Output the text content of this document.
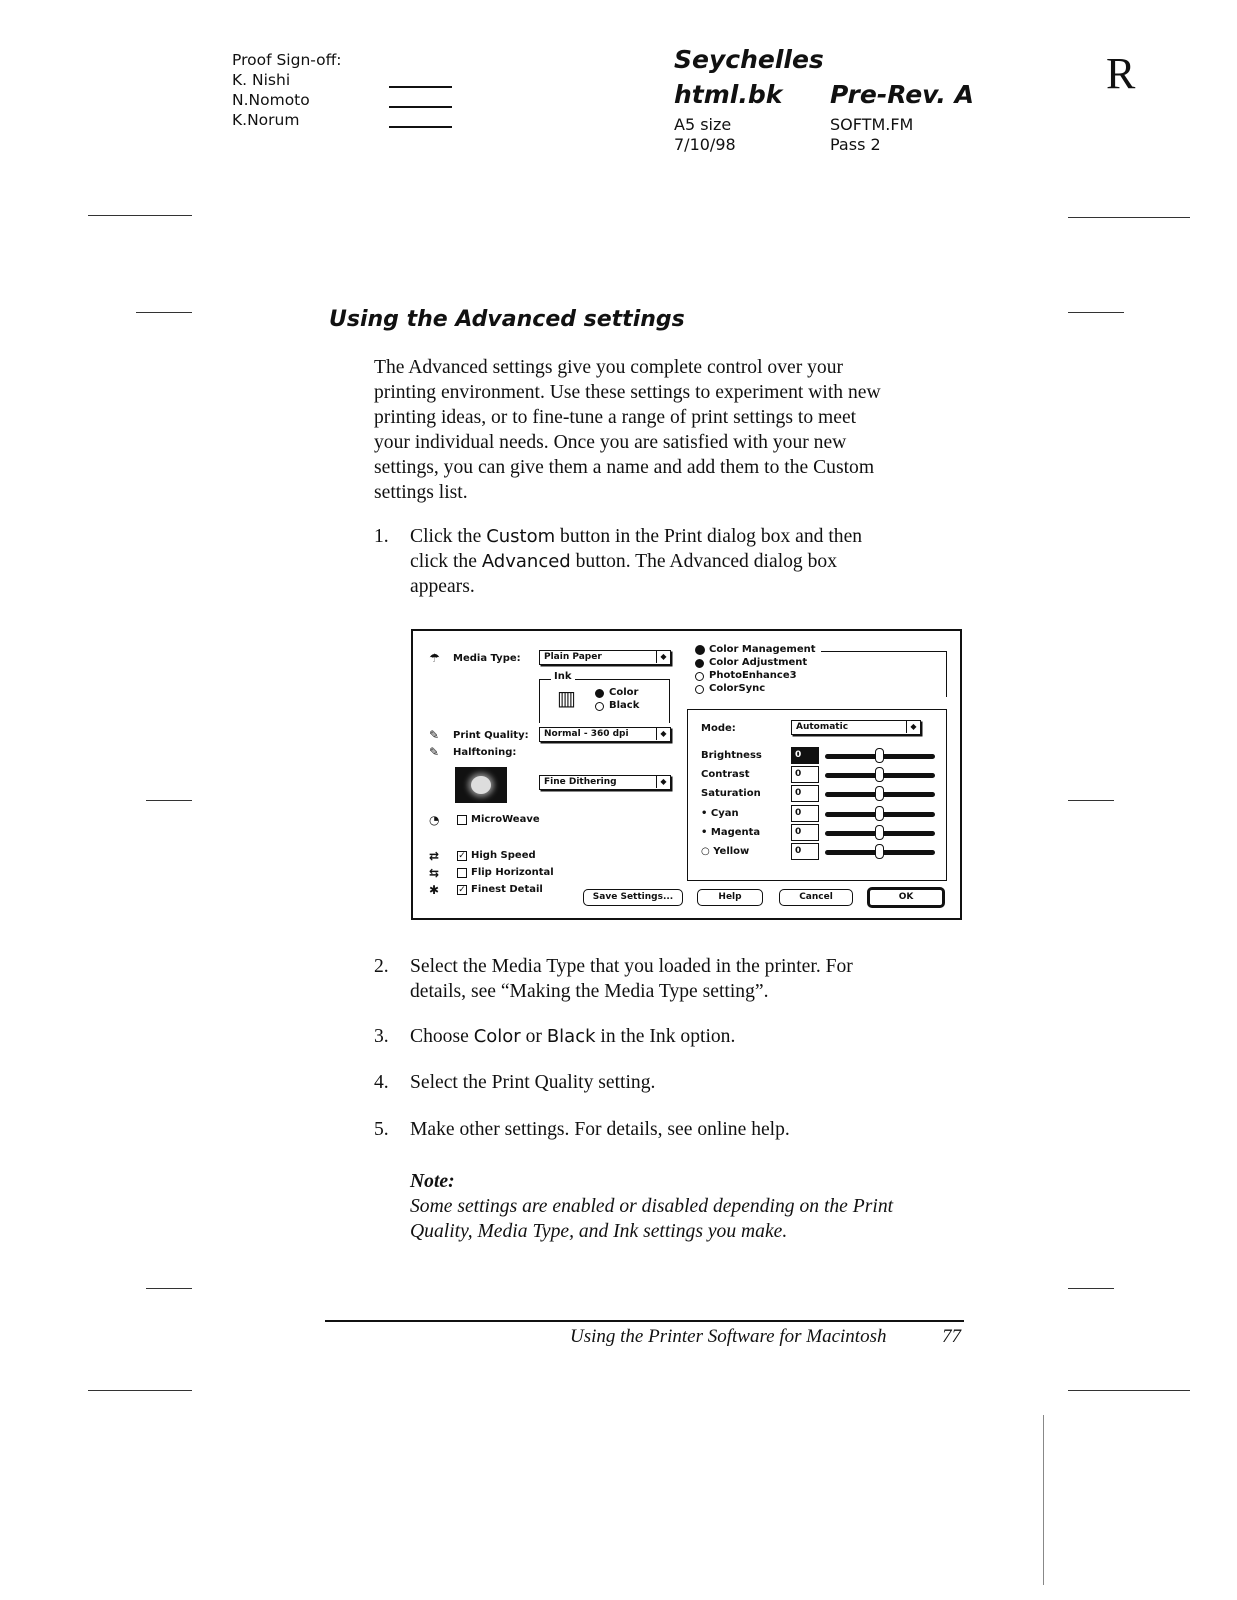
Proof Sign-off:
K. Nishi
N.Nomoto
K.Norum
Seychelles
html.bk Pre-Rev. A
A5 size
7/10/98
SOFTM.FM
Pass 2
R
Using the Advanced settings
The Advanced settings give you complete control over your
printing environment. Use these settings to experiment with new
printing ideas, or to fine-tune a range of print settings to meet
your individual needs. Once you are satisfied with your new
settings, you can give them a name and add them to the Custom
settings list.
1. Click the Custom button in the Print dialog box and then
click the Advanced button. The Advanced dialog box
appears.
☂ Media Type:	Plain Paper	◆
Ink
▥	Color
Black
✎ Print Quality:	Normal - 360 dpi	◆
✎ Halftoning:
Fine Dithering	◆
◔	MicroWeave
⇄ ✓ High Speed
⇆	Flip Horizontal
✱ ✓ Finest Detail
Color Management
Color Adjustment
PhotoEnhance3
ColorSync
Mode:	Automatic	◆
Brightness	0
Contrast	0
Saturation	0
• Cyan	0
• Magenta	0
○ Yellow	0
Save Settings...	Help	Cancel	OK
2. Select the Media Type that you loaded in the printer. For
details, see “Making the Media Type setting”.
3. Choose Color or Black in the Ink option.
4. Select the Print Quality setting.
5. Make other settings. For details, see online help.
Note:
Some settings are enabled or disabled depending on the Print
Quality, Media Type, and Ink settings you make.
Using the Printer Software for Macintosh	77
